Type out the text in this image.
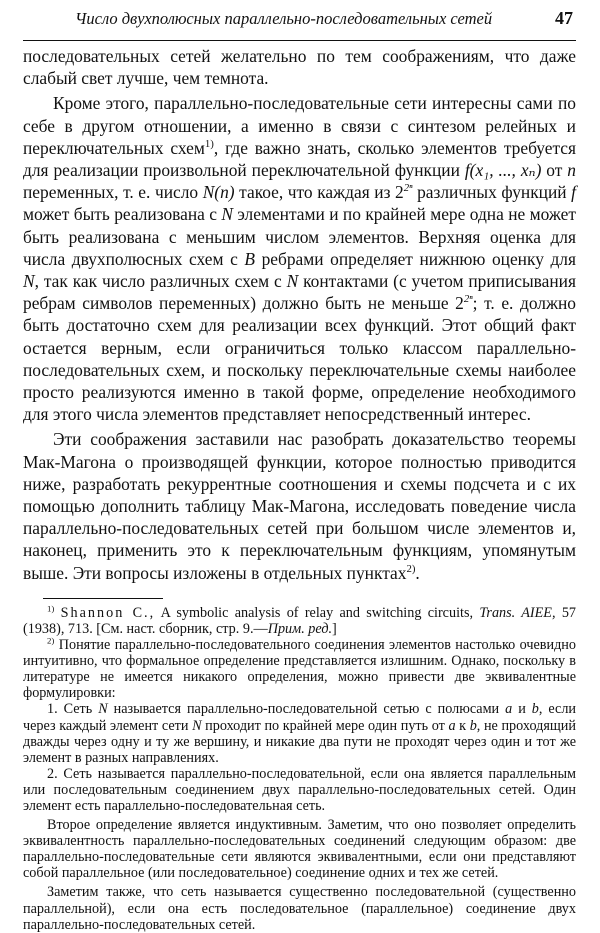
Число двухполюсных параллельно-последовательных сетей	47

последовательных сетей желательно по тем соображениям, что даже слабый свет лучше, чем темнота.

Кроме этого, параллельно-последовательные сети интересны сами по себе в другом отношении, а именно в связи с синтезом релейных и переключательных схем$^{1)}$, где важно знать, сколько элементов требуется для реализации произвольной переключательной функции f(x₁, ..., xₙ) от n переменных, т. е. число N(n) такое, что каждая из $2^{2^n}$ различных функций f может быть реализована с N элементами и по крайней мере одна не может быть реализована с меньшим числом элементов. Верхняя оценка для числа двухполюсных схем с B ребрами определяет нижнюю оценку для N, так как число различных схем с N контактами (с учетом приписывания ребрам символов переменных) должно быть не меньше $2^{2^n}$; т. е. должно быть достаточно схем для реализации всех функций. Этот общий факт остается верным, если ограничиться только классом параллельно-последовательных схем, и поскольку переключательные схемы наиболее просто реализуются именно в такой форме, определение необходимого для этого числа элементов представляет непосредственный интерес.

Эти соображения заставили нас разобрать доказательство теоремы Мак-Магона о производящей функции, которое полностью приводится ниже, разработать рекуррентные соотношения и схемы подсчета и с их помощью дополнить таблицу Мак-Магона, исследовать поведение числа параллельно-последовательных сетей при большом числе элементов и, наконец, применить это к переключательным функциям, упомянутым выше. Эти вопросы изложены в отдельных пунктах$^{2)}$.

$^{1)}$ Shannon C., A symbolic analysis of relay and switching circuits, Trans. AIEE, 57 (1938), 713. [См. наст. сборник, стр. 9.—Прим. ред.]

$^{2)}$ Понятие параллельно-последовательного соединения элементов настолько очевидно интуитивно, что формальное определение представляется излишним. Однако, поскольку в литературе не имеется никакого определения, можно привести две эквивалентные формулировки:

1. Сеть N называется параллельно-последовательной сетью с полюсами a и b, если через каждый элемент сети N проходит по крайней мере один путь от a к b, не проходящий дважды через одну и ту же вершину, и никакие два пути не проходят через один и тот же элемент в разных направлениях.

2. Сеть называется параллельно-последовательной, если она является параллельным или последовательным соединением двух параллельно-последовательных сетей. Один элемент есть параллельно-последовательная сеть.

Второе определение является индуктивным. Заметим, что оно позволяет определить эквивалентность параллельно-последовательных соединений следующим образом: две параллельно-последовательные сети являются эквивалентными, если они представляют собой параллельное (или последовательное) соединение одних и тех же сетей.

Заметим также, что сеть называется существенно последовательной (существенно параллельной), если она есть последовательное (параллельное) соединение двух параллельно-последовательных сетей.
